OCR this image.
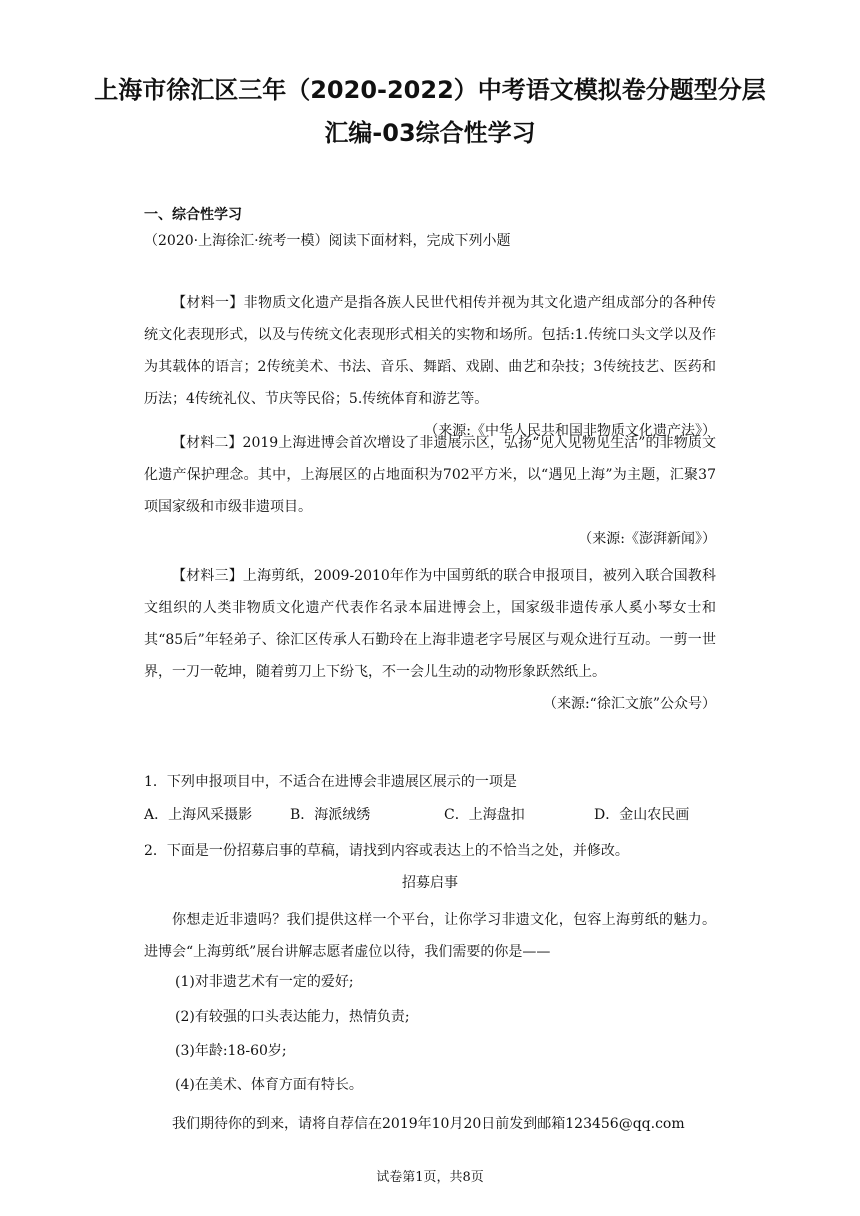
上海市徐汇区三年（2020-2022）中考语文模拟卷分题型分层
汇编-03综合性学习
一、综合性学习
（2020·上海徐汇·统考一模）阅读下面材料，完成下列小题

【材料一】非物质文化遗产是指各族人民世代相传并视为其文化遗产组成部分的各种传统文化表现形式，以及与传统文化表现形式相关的实物和场所。包括:1.传统口头文学以及作为其载体的语言；2传统美术、书法、音乐、舞蹈、戏剧、曲艺和杂技；3传统技艺、医药和历法；4传统礼仪、节庆等民俗；5.传统体育和游艺等。

（来源:《中华人民共和国非物质文化遗产法》）

【材料二】2019上海进博会首次增设了非遗展示区，弘扬“见人见物见生活”的非物质文化遗产保护理念。其中，上海展区的占地面积为702平方米，以“遇见上海”为主题，汇聚37项国家级和市级非遗项目。

（来源:《澎湃新闻》）

【材料三】上海剪纸，2009-2010年作为中国剪纸的联合申报项目，被列入联合国教科文组织的人类非物质文化遗产代表作名录本届进博会上，国家级非遗传承人奚小琴女士和其“85后”年轻弟子、徐汇区传承人石勤玲在上海非遗老字号展区与观众进行互动。一剪一世界，一刀一乾坤，随着剪刀上下纷飞，不一会儿生动的动物形象跃然纸上。

（来源:“徐汇文旅”公众号）

1．下列申报项目中，不适合在进博会非遗展区展示的一项是
A．上海风采摄影	B．海派绒绣	C．上海盘扣	D．金山农民画
2．下面是一份招募启事的草稿，请找到内容或表达上的不恰当之处，并修改。
招募启事

你想走近非遗吗？我们提供这样一个平台，让你学习非遗文化，包容上海剪纸的魅力。进博会“上海剪纸”展台讲解志愿者虚位以待，我们需要的你是——

(1)对非遗艺术有一定的爱好;
(2)有较强的口头表达能力，热情负责;
(3)年龄:18-60岁;
(4)在美术、体育方面有特长。

我们期待你的到来，请将自荐信在2019年10月20日前发到邮箱123456@qq.com

试卷第1页，共8页
